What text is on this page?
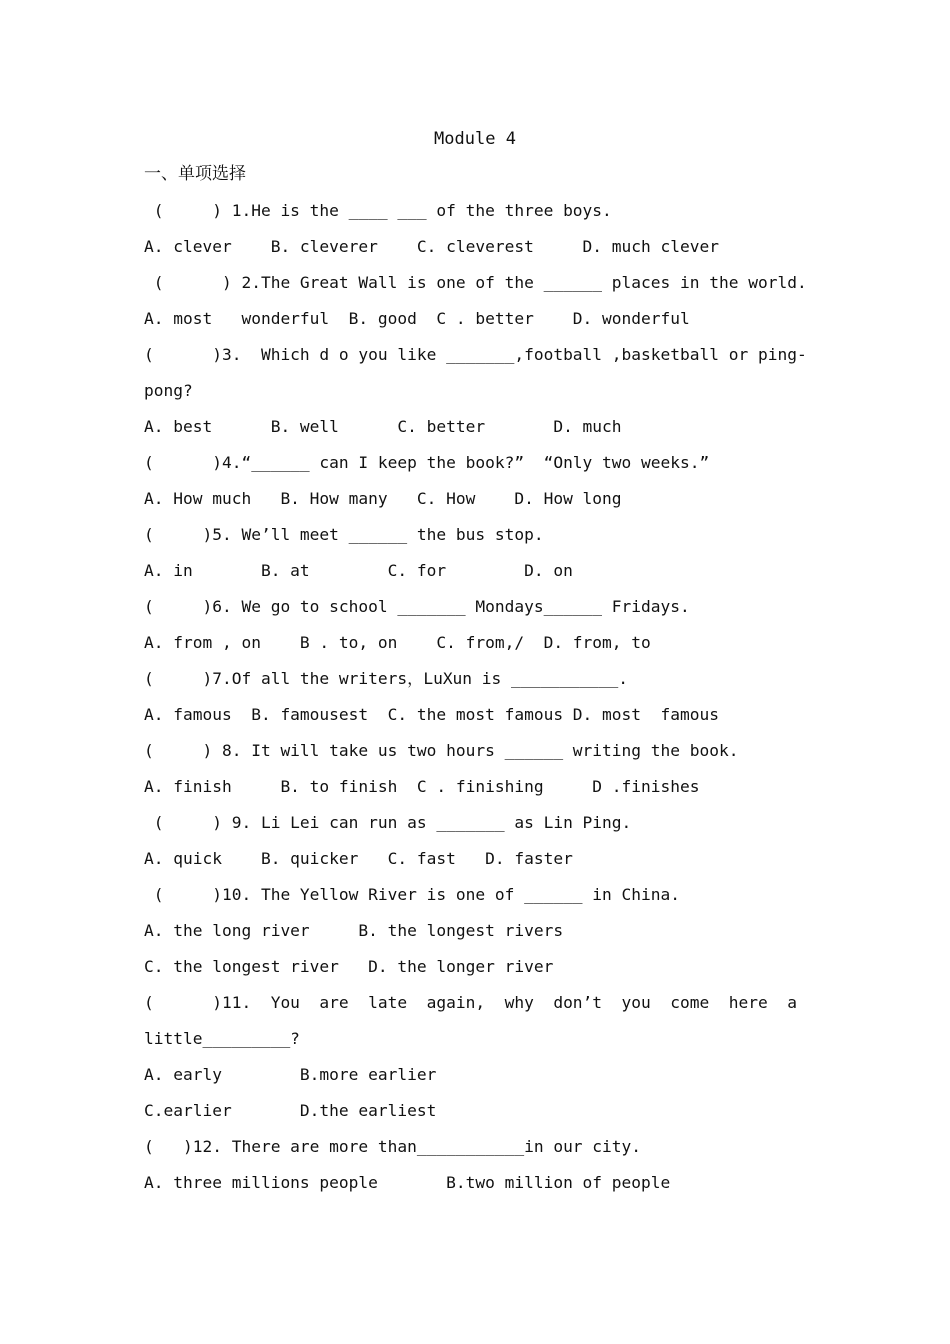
Module 4
一、单项选择
(     ) 1.He is the ____ ___ of the three boys.
A. clever    B. cleverer    C. cleverest     D. much clever
(      ) 2.The Great Wall is one of the ______ places in the world.
A. most   wonderful  B. good  C . better    D. wonderful
(      )3.  Which d o you like _______,football ,basketball or ping-
pong?
A. best      B. well      C. better       D. much
(      )4.“______ can I keep the book?”  “Only two weeks.”
A. How much   B. How many   C. How    D. How long
(     )5. We’ll meet ______ the bus stop.
A. in       B. at        C. for        D. on
(     )6. We go to school _______ Mondays______ Fridays.
A. from , on    B . to, on    C. from,/  D. from, to
(     )7.Of all the writers，LuXun is ___________.
A. famous  B. famousest  C. the most famous D. most  famous
(     ) 8. It will take us two hours ______ writing the book.
A. finish     B. to finish  C . finishing     D .finishes
(     ) 9. Li Lei can run as _______ as Lin Ping.
A. quick    B. quicker   C. fast   D. faster
(     )10. The Yellow River is one of ______ in China.
A. the long river     B. the longest rivers
C. the longest river   D. the longer river
(      )11.  You  are  late  again,  why  don’t  you  come  here  a
little_________?
A. early        B.more earlier
C.earlier       D.the earliest
(   )12. There are more than___________in our city.
A. three millions people       B.two million of people
